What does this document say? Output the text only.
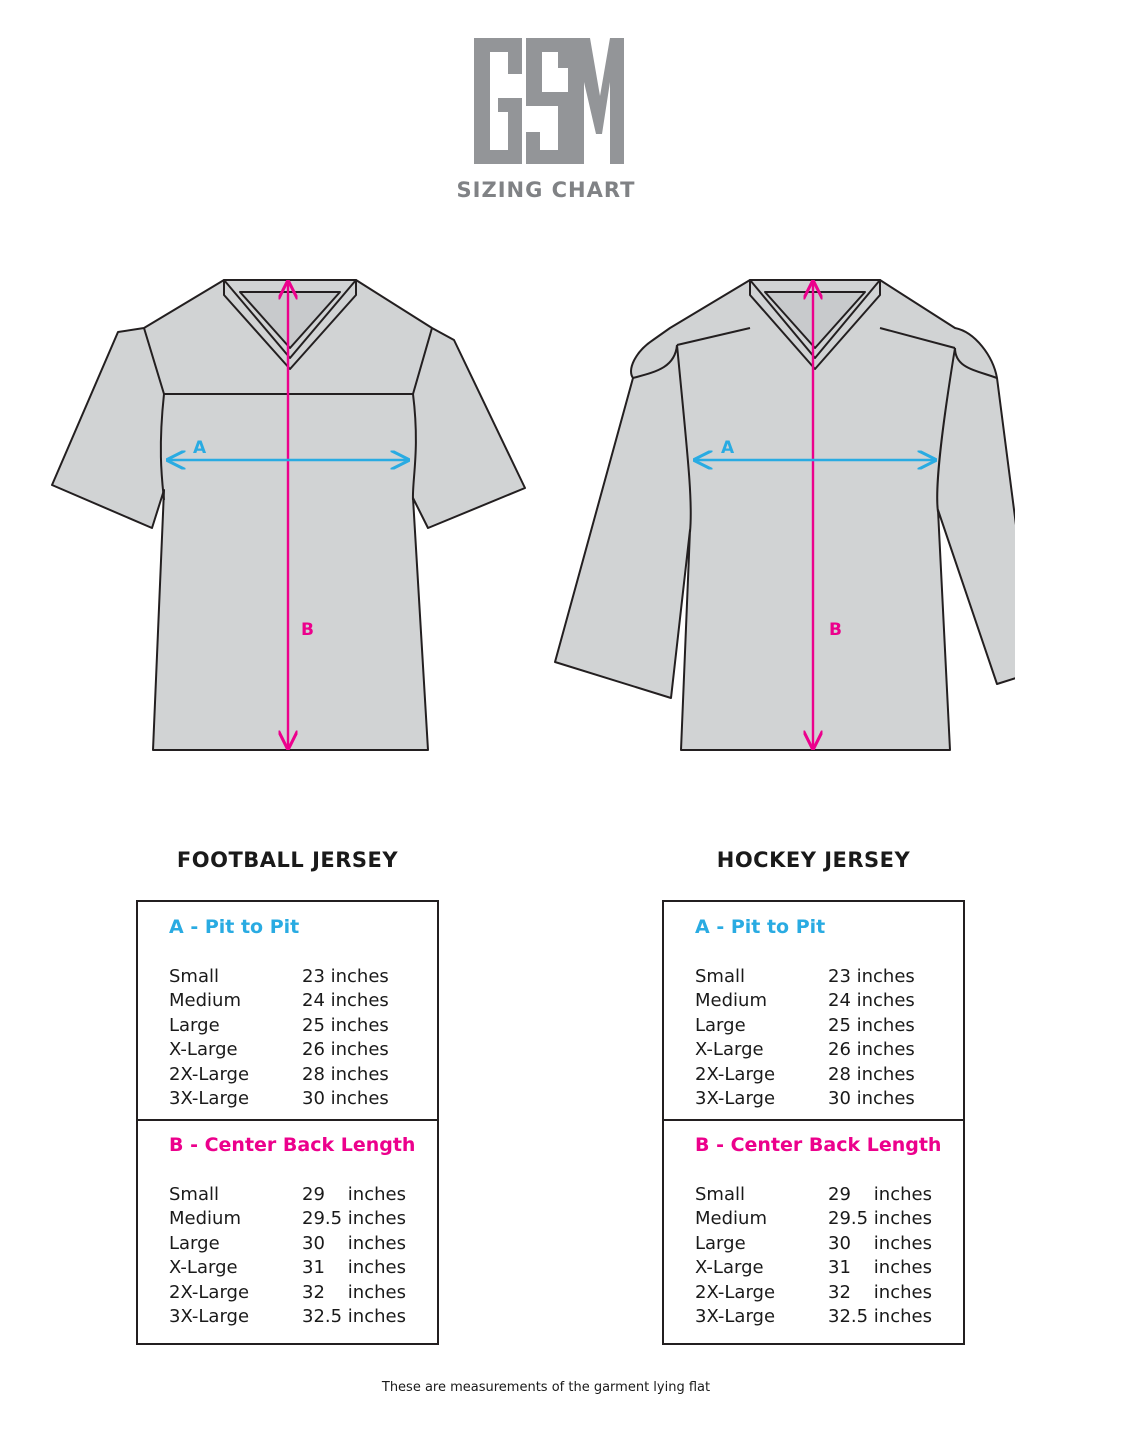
SIZING CHART
A
B
A
B
FOOTBALL JERSEY	HOCKEY JERSEY
A - Pit to Pit
Small	23 inches
Medium	24 inches
Large	25 inches
X-Large	26 inches
2X-Large	28 inches
3X-Large	30 inches
B - Center Back Length
Small	29    inches
Medium	29.5 inches
Large	30    inches
X-Large	31    inches
2X-Large	32    inches
3X-Large	32.5 inches
A - Pit to Pit
Small	23 inches
Medium	24 inches
Large	25 inches
X-Large	26 inches
2X-Large	28 inches
3X-Large	30 inches
B - Center Back Length
Small	29    inches
Medium	29.5 inches
Large	30    inches
X-Large	31    inches
2X-Large	32    inches
3X-Large	32.5 inches
These are measurements of the garment lying flat
